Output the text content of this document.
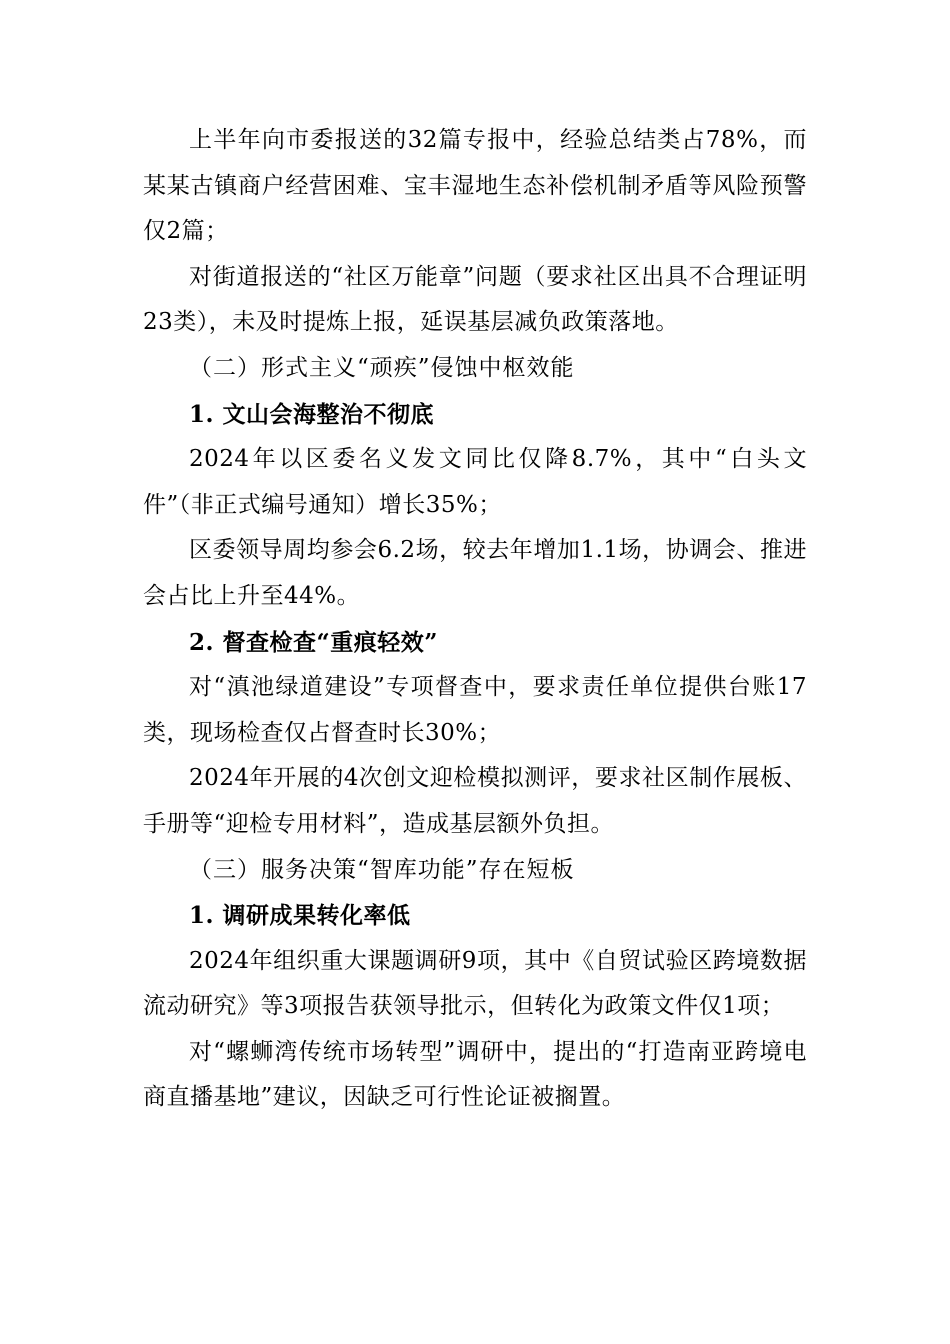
上半年向市委报送的32篇专报中，经验总结类占78%，而某某古镇商户经营困难、宝丰湿地生态补偿机制矛盾等风险预警仅2篇；

对街道报送的“社区万能章”问题（要求社区出具不合理证明23类），未及时提炼上报，延误基层减负政策落地。

（二）形式主义“顽疾”侵蚀中枢效能

1. 文山会海整治不彻底

2024年以区委名义发文同比仅降8.7%，其中“白头文件”（非正式编号通知）增长35%；

区委领导周均参会6.2场，较去年增加1.1场，协调会、推进会占比上升至44%。

2. 督查检查“重痕轻效”

对“滇池绿道建设”专项督查中，要求责任单位提供台账17类，现场检查仅占督查时长30%；

2024年开展的4次创文迎检模拟测评，要求社区制作展板、手册等“迎检专用材料”，造成基层额外负担。

（三）服务决策“智库功能”存在短板

1. 调研成果转化率低

2024年组织重大课题调研9项，其中《自贸试验区跨境数据流动研究》等3项报告获领导批示，但转化为政策文件仅1项；

对“螺蛳湾传统市场转型”调研中，提出的“打造南亚跨境电商直播基地”建议，因缺乏可行性论证被搁置。
